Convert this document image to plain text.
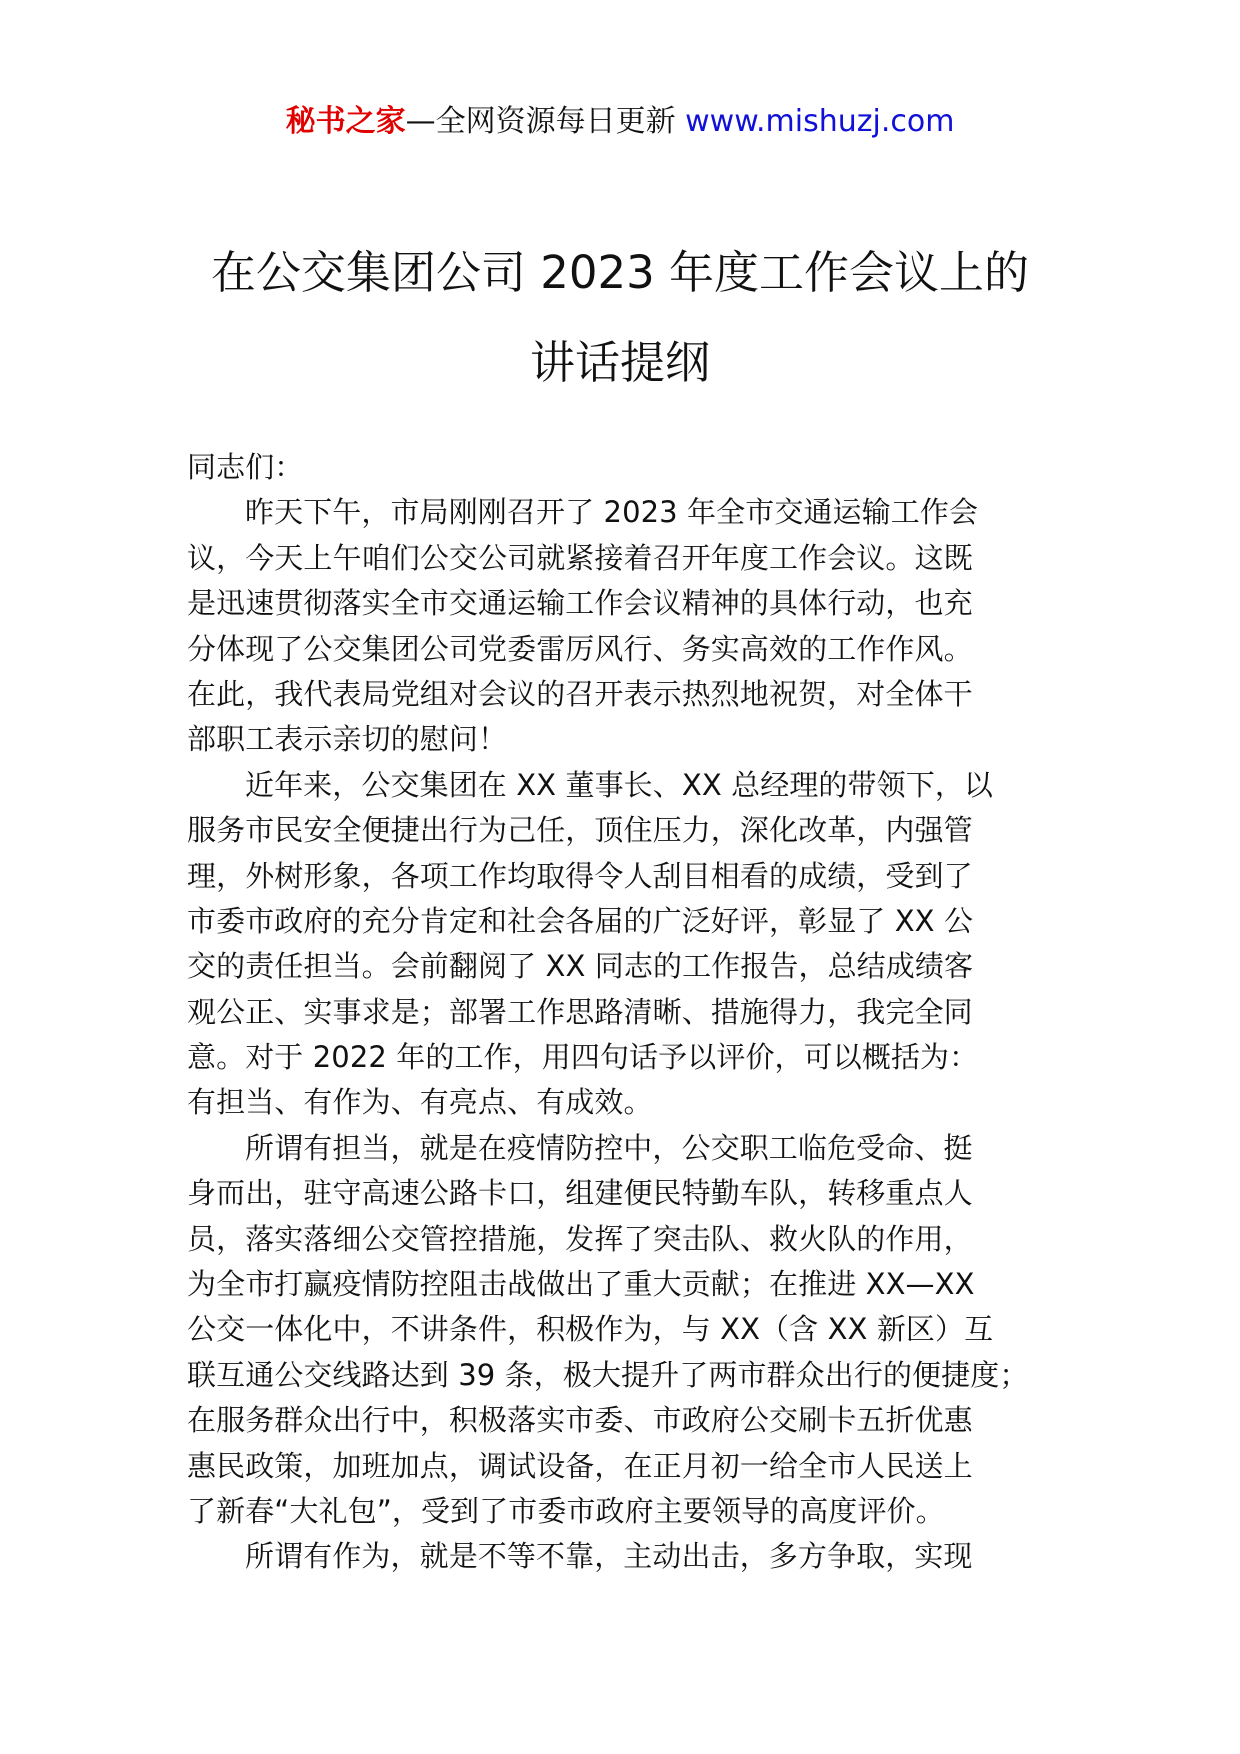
秘书之家—全网资源每日更新 www.mishuzj.com
在公交集团公司 2023 年度工作会议上的
讲话提纲
同志们：
昨天下午，市局刚刚召开了 2023 年全市交通运输工作会
议，今天上午咱们公交公司就紧接着召开年度工作会议。这既
是迅速贯彻落实全市交通运输工作会议精神的具体行动，也充
分体现了公交集团公司党委雷厉风行、务实高效的工作作风。
在此，我代表局党组对会议的召开表示热烈地祝贺，对全体干
部职工表示亲切的慰问！
近年来，公交集团在 XX 董事长、XX 总经理的带领下，以
服务市民安全便捷出行为己任，顶住压力，深化改革，内强管
理，外树形象，各项工作均取得令人刮目相看的成绩，受到了
市委市政府的充分肯定和社会各届的广泛好评，彰显了 XX 公
交的责任担当。会前翻阅了 XX 同志的工作报告，总结成绩客
观公正、实事求是；部署工作思路清晰、措施得力，我完全同
意。对于 2022 年的工作，用四句话予以评价，可以概括为：
有担当、有作为、有亮点、有成效。
所谓有担当，就是在疫情防控中，公交职工临危受命、挺
身而出，驻守高速公路卡口，组建便民特勤车队，转移重点人
员，落实落细公交管控措施，发挥了突击队、救火队的作用，
为全市打赢疫情防控阻击战做出了重大贡献；在推进 XX—XX
公交一体化中，不讲条件，积极作为，与 XX（含 XX 新区）互
联互通公交线路达到 39 条，极大提升了两市群众出行的便捷度；
在服务群众出行中，积极落实市委、市政府公交刷卡五折优惠
惠民政策，加班加点，调试设备，在正月初一给全市人民送上
了新春“大礼包”，受到了市委市政府主要领导的高度评价。
所谓有作为，就是不等不靠，主动出击，多方争取，实现
